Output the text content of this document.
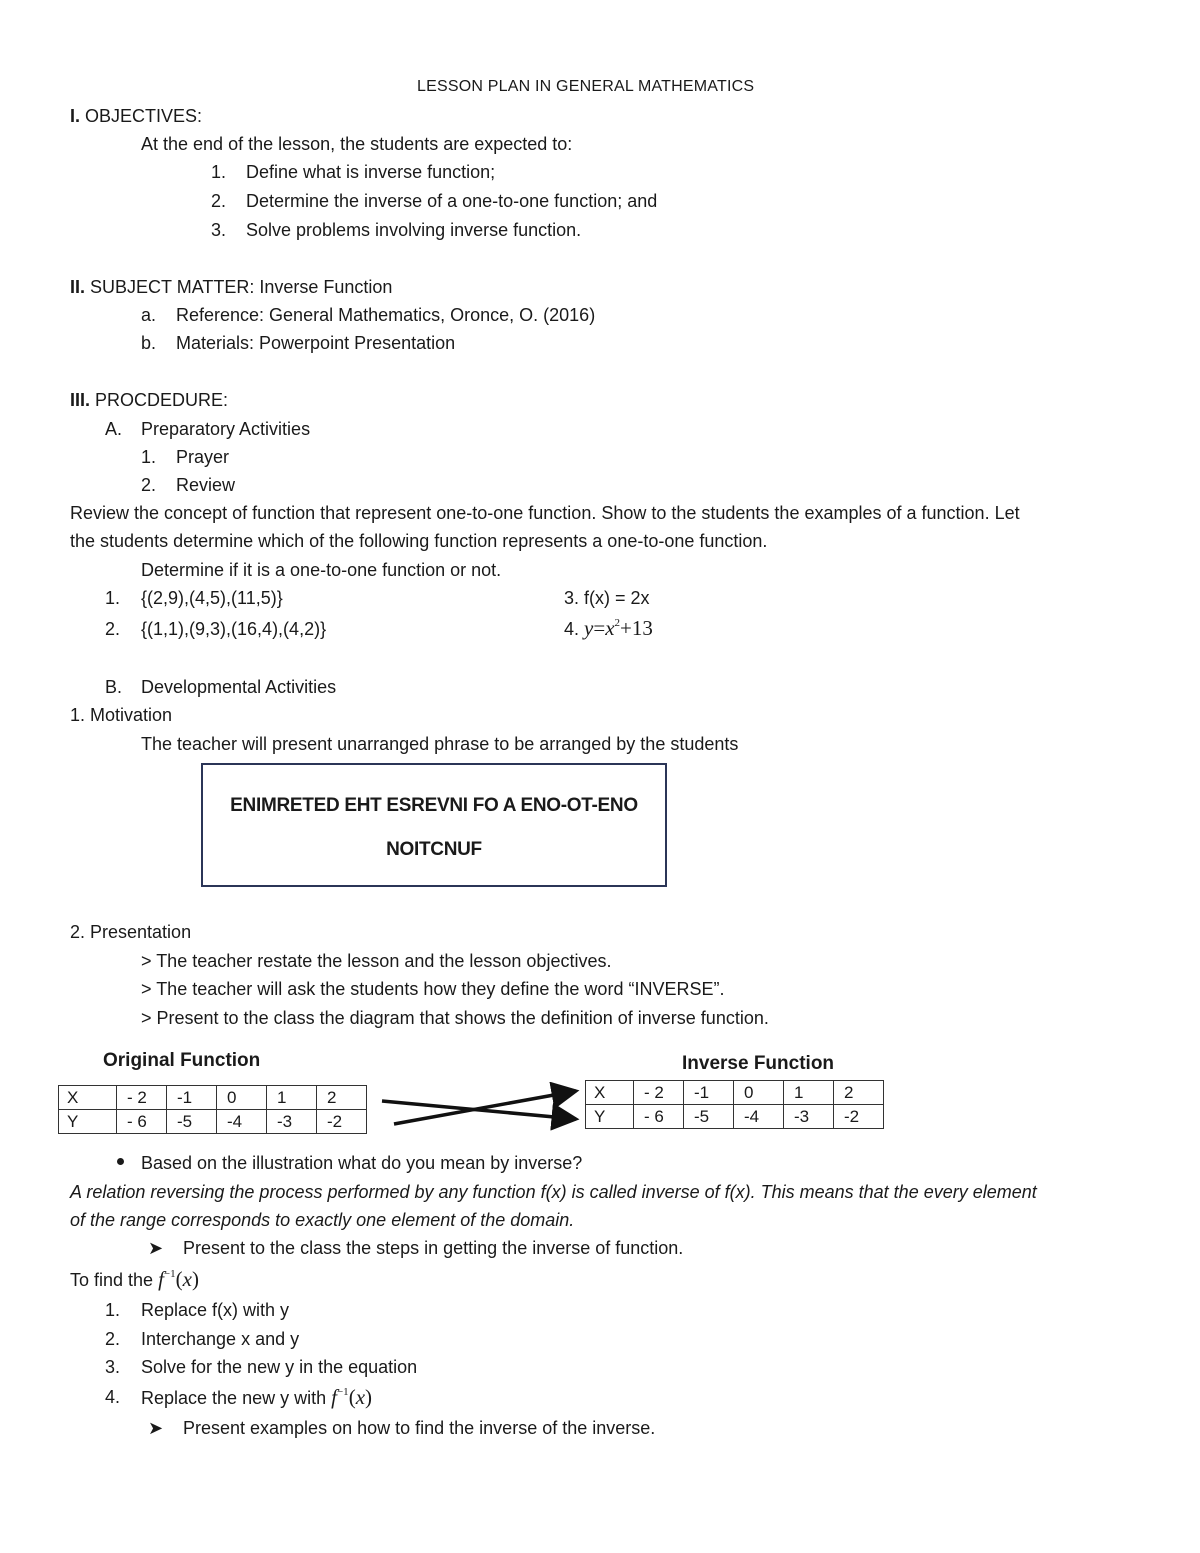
LESSON PLAN IN GENERAL MATHEMATICS
I. OBJECTIVES:
At the end of the lesson, the students are expected to:
1. Define what is inverse function;
2. Determine the inverse of a one-to-one function; and
3. Solve problems involving inverse function.
II. SUBJECT MATTER: Inverse Function
a. Reference: General Mathematics, Oronce, O. (2016)
b. Materials: Powerpoint Presentation
III. PROCDEDURE:
A. Preparatory Activities
1. Prayer
2. Review
Review the concept of function that represent one-to-one function. Show to the students the examples of a function. Let
the students determine which of the following function represents a one-to-one function.
Determine if it is a one-to-one function or not.
1. {(2,9),(4,5),(11,5)}
2. {(1,1),(9,3),(16,4),(4,2)}
3. f(x) = 2x
4. $y=x^2+13$
B. Developmental Activities
1. Motivation
The teacher will present unarranged phrase to be arranged by the students
ENIMRETED EHT ESREVNI FO A ENO-OT-ENO
NOITCNUF
2. Presentation
> The teacher restate the lesson and the lesson objectives.
> The teacher will ask the students how they define the word “INVERSE”.
> Present to the class the diagram that shows the definition of inverse function.
Original Function	Inverse Function
X	- 2	-1	0	1	2
Y	- 6	-5	-4	-3	-2
X	- 2	-1	0	1	2
Y	- 6	-5	-4	-3	-2
Based on the illustration what do you mean by inverse?
A relation reversing the process performed by any function f(x) is called inverse of f(x). This means that the every element
of the range corresponds to exactly one element of the domain.
➤ Present to the class the steps in getting the inverse of function.
To find the $f^{-1}(x)$
1. Replace f(x) with y
2. Interchange x and y
3. Solve for the new y in the equation
4. Replace the new y with $f^{-1}(x)$
➤ Present examples on how to find the inverse of the inverse.
